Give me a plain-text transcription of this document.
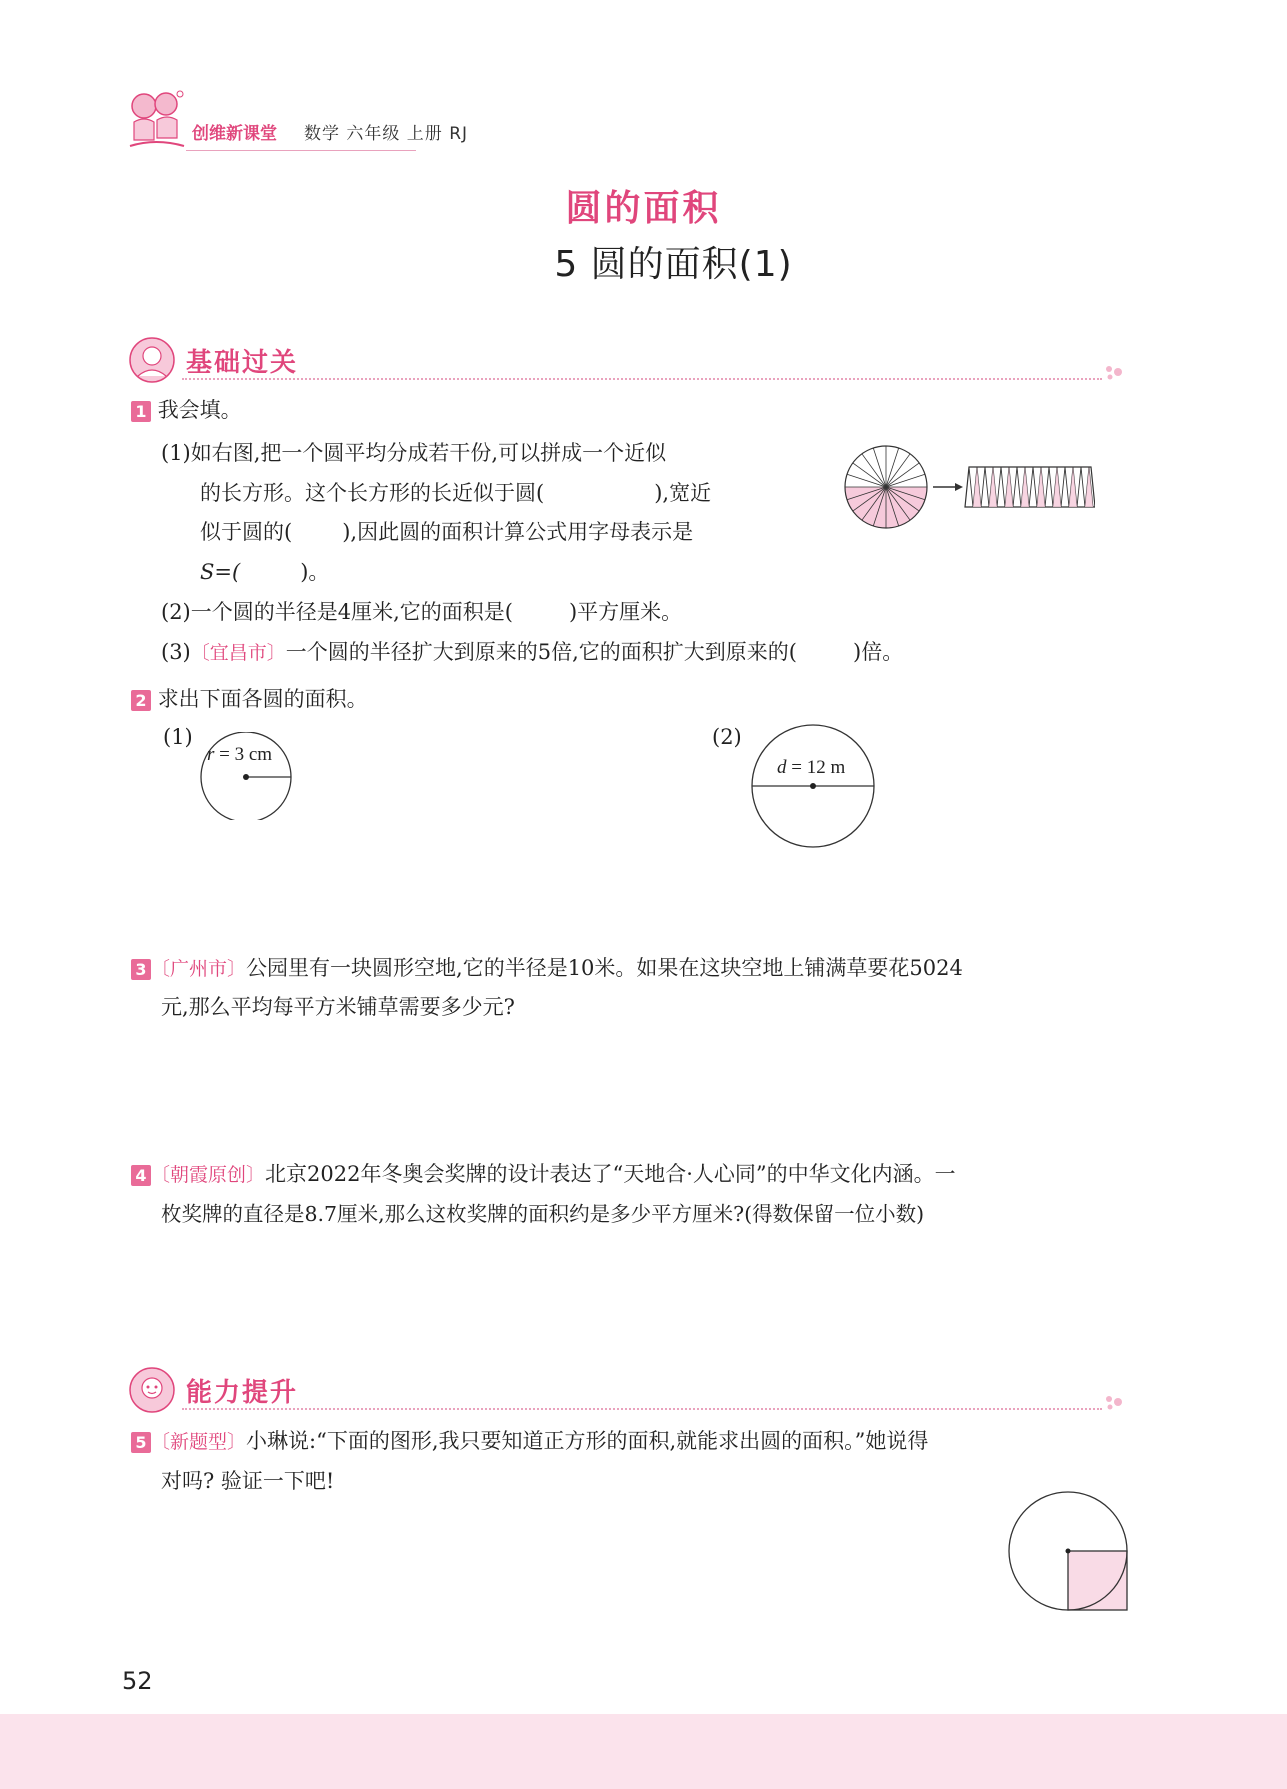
创维新课堂 数学 六年级 上册 RJ
圆的面积
5 圆的面积(1)
基础过关
1 我会填。
(1)如右图,把一个圆平均分成若干份,可以拼成一个近似
的长方形。这个长方形的长近似于圆(	),宽近
似于圆的( ),因此圆的面积计算公式用字母表示是
S=(	)。
(2)一个圆的半径是4厘米,它的面积是(	)平方厘米。
(3)〔宜昌市〕一个圆的半径扩大到原来的5倍,它的面积扩大到原来的(	)倍。
2 求出下面各圆的面积。
(1)
r = 3 cm
(2)
d = 12 m
3 〔广州市〕公园里有一块圆形空地,它的半径是10米。如果在这块空地上铺满草要花5024
元,那么平均每平方米铺草需要多少元?
4 〔朝霞原创〕北京2022年冬奥会奖牌的设计表达了“天地合·人心同”的中华文化内涵。一
枚奖牌的直径是8.7厘米,那么这枚奖牌的面积约是多少平方厘米?(得数保留一位小数)
能力提升
5 〔新题型〕小琳说:“下面的图形,我只要知道正方形的面积,就能求出圆的面积。”她说得
对吗? 验证一下吧!
52
